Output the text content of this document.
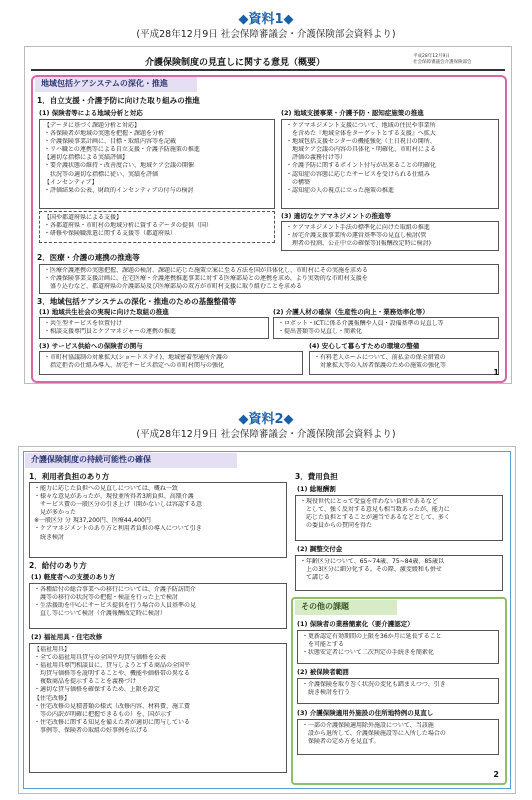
◆資料1◆
(平成28年12月9日 社会保障審議会・介護保険部会資料より)
介護保険制度の見直しに関する意見（概要）
平成28年12月9日
社会保障審議会介護保険部会
地域包括ケアシステムの深化・推進
1．自立支援・介護予防に向けた取り組みの推進
(1) 保険者等による地域分析と対応
【データに基づく課題分析と対応】
・各保険者が地域の実態を把握・課題を分析
・介護保険事業計画に、目標・取組内容等を記載
・リハ職との連携等による自立支援・介護予防施策の推進
【適切な指標による実績評価】
・要介護状態の維持・改善度合い、地域ケア会議の開催
　状況等の適切な指標に従い、実績を評価
【インセンティブ】
・評価結果の公表、財政的インセンティブの付与の検討
【国や都道府県による支援】
・各都道府県・市町村の地域分析に資するデータの提供（国）
・研修や保険職派遣に関する支援等（都道府県）
(2) 地域支援事業・介護予防・認知症施策の推進
・ケアマネジメント支援について、地域の住民や事業所
　を含めた『地域全体をターゲットとする支援』へ拡大
・地域包括支援センターの機能強化（土日祝日の開所、
　地域ケア会議の内容の具体化・明確化、市町村による
　評価の義務付け等）
・介護予防に関するポイント付与が出来ることの明確化
・認知症の容態に応じたサービスを受けられる仕組み
　の構築
・認知症の人の視点に立った施策の推進
(3) 適切なケアマネジメントの推進等
・ケアマネジメント手法の標準化に向けた取組の推進
・居宅介護支援事業所の運営基準等の見直し検討(管
　理者の役割、公正中立の確保等)(報酬改定時に検討)
2．医療・介護の連携の推進等
・医療介護連携の実態把握、課題の検討、課題に応じた施策立案に至る方法を国が具体化し、市町村にその実施を求める
・介護保険事業支援計画に、在宅医療・介護連携推進事業に対する医療部局との連携を求め、より実効的な市町村支援を
　盛り込むなど、都道府県の介護部局及び医療部局の双方が市町村支援に取り組むことを求める
3．地域包括ケアシステムの深化・推進のための基盤整備等
(1) 地域共生社会の実現に向けた取組の推進
・共生型サービスを位置付け
・相談支援専門員とケアマネジャーの連携の推進
(2) 介護人材の確保（生産性の向上・業務効率化等）
・ロボット・ICTに係る介護報酬や人員・設備基準の見直し等
・提出書類等の見直し・簡素化
(3) サービス供給への保険者の関与
・市町村協議制の対象拡大(ショートステイ)、地域密着型通所介護の
　指定拒否の仕組み導入、居宅サービス指定への市町村関与の強化
(4) 安心して暮らすための環境の整備
・有料老人ホームについて、前払金の保全措置の
　対象拡大等の入居者保護のための施策の強化等
1
◆資料2◆
(平成28年12月9日 社会保障審議会・介護保険部会資料より)
介護保険制度の持続可能性の確保
1．利用者負担のあり方
・能力に応じた負担への見直しについては、概ね一致
・様々な意見があったが、現役並所得者3割負担、高額介護
　サービス費の一般区分の引き上げ（開かないしは容認する意
　見が多かった
※一般区分 分 現37,200円、医療44,400円
・ケアマネジメントのあり方と利用者負担の導入について引き
　続き検討
2．給付のあり方
(1) 軽度者への支援のあり方
・各種給付の総合事業への移行については、介護予防訪問介
　護等の移行の状況等の把握・検証を行った上で検討
・生活援助を中心にサービス提供を行う場合の人員基準の見
　直し等について検討（介護報酬改定時に検討）
(2) 福祉用具・住宅改修
【福祉用具】
・全ての福祉用具貸与の全国平均貸与価格を公表
・福祉用具専門相談員に、貸与しようとする商品の全国平
　均貸与価格等を説明することや、機能や価格帯の異なる
　複数商品を提示することを義務づけ
・適切な貸与価格を確保するため、上限を設定
【住宅改修】
・住宅改修の見積書類の様式（改修内容、材料費、施工費
　等の内訳が明確に把握できるもの）を、国が示す
・住宅改修に関する知見を備えた者が適切に関与している
　事例等、保険者の取組の好事例を広げる
3．費用負担
(1) 総報酬割
・現役世代にとって受益を伴わない負担であるなど
　として、強く反対する意見も相当数あったが、能力に
　応じた負担とすることが適当であるなどとして、多く
　の委員からの賛同を得た
(2) 調整交付金
・年齢区分について、65~74歳、75~84歳、85歳以
　上の3区分に細分化する。その際、激変緩和も併せ
　て講じる
その他の課題
(1) 保険者の業務簡素化（要介護認定）
・更新認定有効期間の上限を36か月に延長すること
　を可能とする
・状態安定者について二次判定の手続きを簡素化
(2) 被保険者範囲
・介護保険を取り巻く状況の変化も踏まえつつ、引き
　続き検討を行う
(3) 介護保険適用外施設の住所地特例の見直し
・一部の介護保険適用除外施設について、当該施
　設から退所して、介護保険施設等に入所した場合の
　保険者の定め方を見直す。
2
